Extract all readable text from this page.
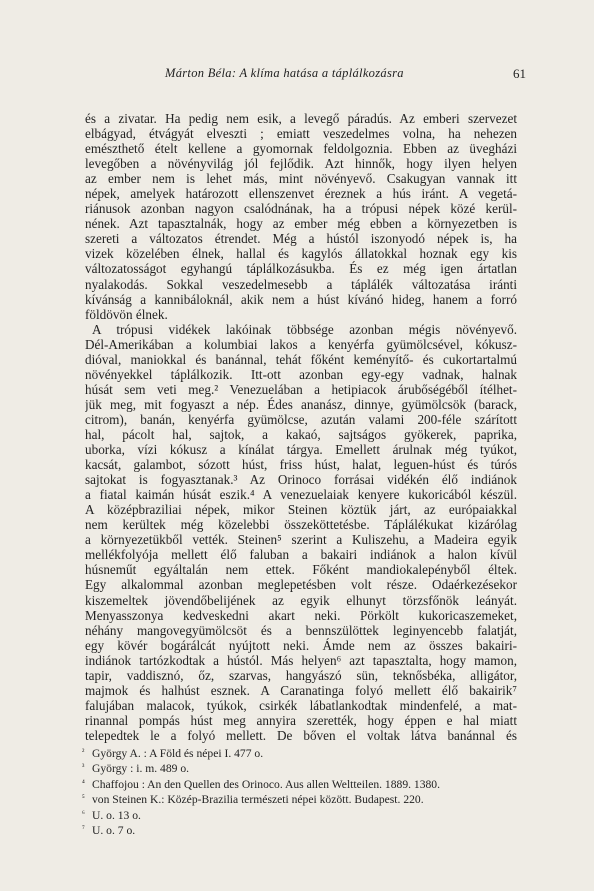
Márton Béla: A klíma hatása a táplálkozásra	61
és a zivatar. Ha pedig nem esik, a levegő páradús. Az emberi szervezet
elbágyad, étvágyát elveszti ; emiatt veszedelmes volna, ha nehezen
emészthető ételt kellene a gyomornak feldolgoznia. Ebben az üvegházi
levegőben a növényvilág jól fejlődik. Azt hinnők, hogy ilyen helyen
az ember nem is lehet más, mint növényevő. Csakugyan vannak itt
népek, amelyek határozott ellenszenvet éreznek a hús iránt. A vegetá-
riánusok azonban nagyon csalódnának, ha a trópusi népek közé kerül-
nének. Azt tapasztalnák, hogy az ember még ebben a környezetben is
szereti a változatos étrendet. Még a hústól iszonyodó népek is, ha
vizek közelében élnek, hallal és kagylós állatokkal hoznak egy kis
változatosságot egyhangú táplálkozásukba. És ez még igen ártatlan
nyalakodás. Sokkal veszedelmesebb a táplálék változatása iránti
kívánság a kannibáloknál, akik nem a húst kívánó hideg, hanem a forró
földövön élnek.
A trópusi vidékek lakóinak többsége azonban mégis növényevő.
Dél-Amerikában a kolumbiai lakos a kenyérfa gyümölcsével, kókusz-
dióval, maniokkal és banánnal, tehát főként keményítő- és cukortartalmú
növényekkel táplálkozik. Itt-ott azonban egy-egy vadnak, halnak
húsát sem veti meg.² Venezuelában a hetipiacok árubőségéből ítélhet-
jük meg, mit fogyaszt a nép. Édes ananász, dinnye, gyümölcsök (barack,
citrom), banán, kenyérfa gyümölcse, azután valami 200-féle szárított
hal, pácolt hal, sajtok, a kakaó, sajtságos gyökerek, paprika,
uborka, vízi kókusz a kínálat tárgya. Emellett árulnak még tyúkot,
kacsát, galambot, sózott húst, friss húst, halat, leguen-húst és túrós
sajtokat is fogyasztanak.³ Az Orinoco forrásai vidékén élő indiánok
a fiatal kaimán húsát eszik.⁴ A venezuelaiak kenyere kukoricából készül.
A középbraziliai népek, mikor Steinen köztük járt, az európaiakkal
nem kerültek még közelebbi összeköttetésbe. Táplálékukat kizárólag
a környezetükből vették. Steinen⁵ szerint a Kuliszehu, a Madeira egyik
mellékfolyója mellett élő faluban a bakairi indiánok a halon kívül
húsneműt egyáltalán nem ettek. Főként mandiokalepényből éltek.
Egy alkalommal azonban meglepetésben volt része. Odaérkezésekor
kiszemeltek jövendőbelijének az egyik elhunyt törzsfőnök leányát.
Menyasszonya kedveskedni akart neki. Pörkölt kukoricaszemeket,
néhány mangovegyümölcsöt és a bennszülöttek leginyencebb falatját,
egy kövér bogárálcát nyújtott neki. Ámde nem az összes bakairi-
indiánok tartózkodtak a hústól. Más helyen⁶ azt tapasztalta, hogy mamon,
tapir, vaddisznó, őz, szarvas, hangyászó sün, teknősbéka, alligátor,
majmok és halhúst esznek. A Caranatinga folyó mellett élő bakairik⁷
falujában malacok, tyúkok, csirkék lábatlankodtak mindenfelé, a mat-
rinannal pompás húst meg annyira szerették, hogy éppen e hal miatt
telepedtek le a folyó mellett. De bőven el voltak látva banánnal és
² György A. : A Föld és népei I. 477 o.
³ György : i. m. 489 o.
⁴ Chaffojou : An den Quellen des Orinoco. Aus allen Weltteilen. 1889. 1380.
⁵ von Steinen K.: Közép-Brazilia természeti népei között. Budapest. 220.
⁶ U. o. 13 o.
⁷ U. o. 7 o.
